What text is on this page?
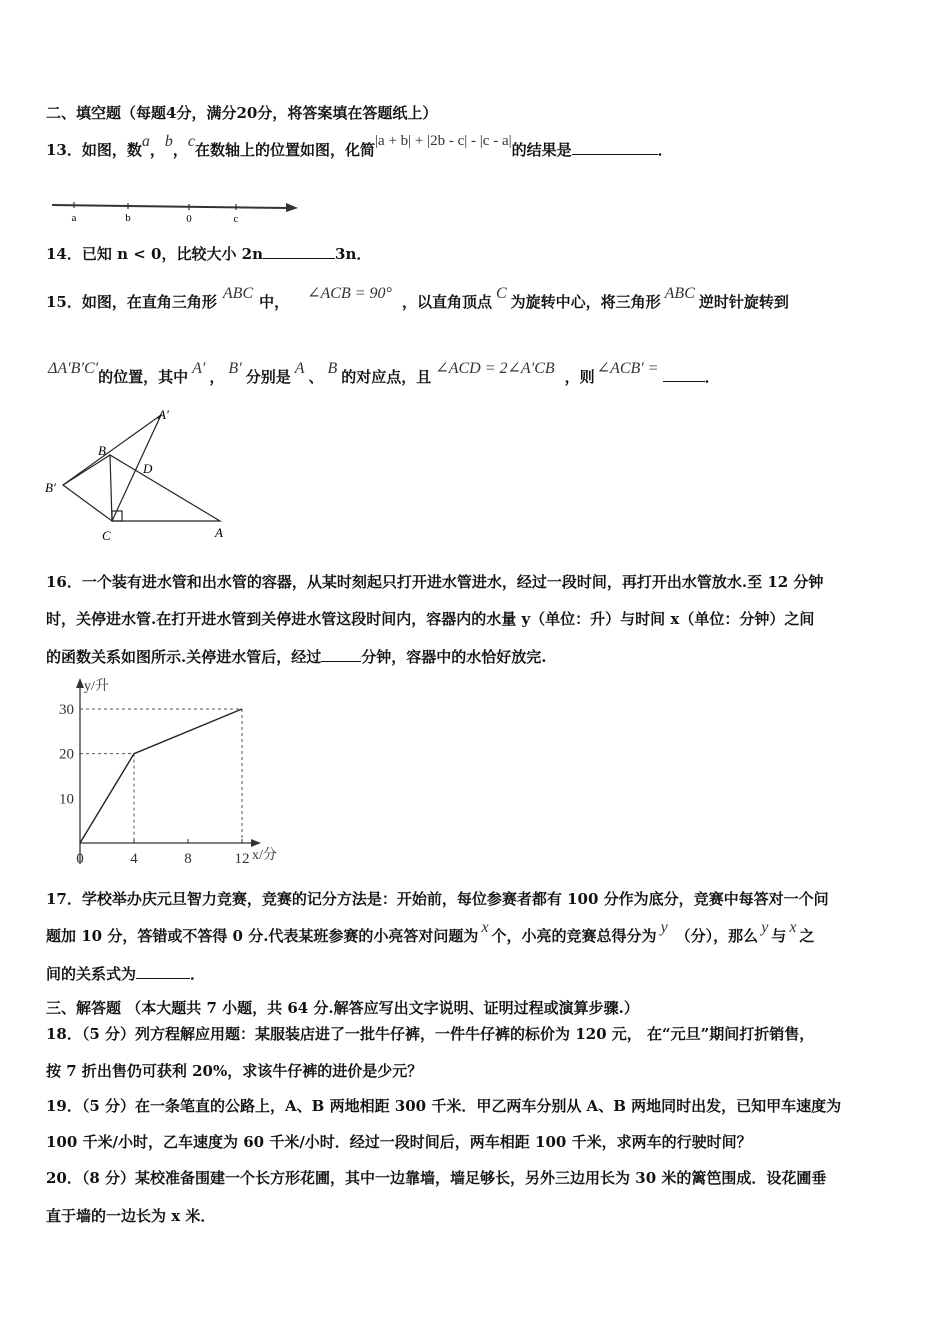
二、填空题（每题4分，满分20分，将答案填在答题纸上）
13．如图，数a，b，c在数轴上的位置如图，化简|a + b| + |2b - c| - |c - a|的结果是	．
a	b	0	c
14．已知 n < 0，比较大小 2n	3n．
15．如图，在直角三角形 ABC 中， ∠ACB = 90° ，以直角顶点 C 为旋转中心，将三角形 ABC 逆时针旋转到
ΔA′B′C′的位置，其中 A′ ， B′ 分别是 A 、 B 的对应点，且 ∠ACD = 2∠A′CB ，则 ∠ACB′ =	．
A′
B
D
B′
C	A
16．一个装有进水管和出水管的容器，从某时刻起只打开进水管进水，经过一段时间，再打开出水管放水.至 12 分钟
时，关停进水管.在打开进水管到关停进水管这段时间内，容器内的水量 y（单位：升）与时间 x（单位：分钟）之间
的函数关系如图所示.关停进水管后，经过	分钟，容器中的水恰好放完.
0	4	8	12
10
20
30
y/升
x/分
17．学校举办庆元旦智力竞赛，竞赛的记分方法是：开始前，每位参赛者都有 100 分作为底分，竞赛中每答对一个问
题加 10 分，答错或不答得 0 分.代表某班参赛的小亮答对问题为 x 个，小亮的竞赛总得分为 y （分），那么 y 与 x 之
间的关系式为	．
三、解答题 （本大题共 7 小题，共 64 分.解答应写出文字说明、证明过程或演算步骤.）
18．（5 分）列方程解应用题：某服装店进了一批牛仔裤，一件牛仔裤的标价为 120 元， 在“元旦”期间打折销售，
按 7 折出售仍可获利 20%，求该牛仔裤的进价是少元？
19．（5 分）在一条笔直的公路上，A、B 两地相距 300 千米．甲乙两车分别从 A、B 两地同时出发，已知甲车速度为
100 千米/小时，乙车速度为 60 千米/小时．经过一段时间后，两车相距 100 千米，求两车的行驶时间？
20．（8 分）某校准备围建一个长方形花圃，其中一边靠墙，墙足够长，另外三边用长为 30 米的篱笆围成．设花圃垂
直于墙的一边长为 x 米．
